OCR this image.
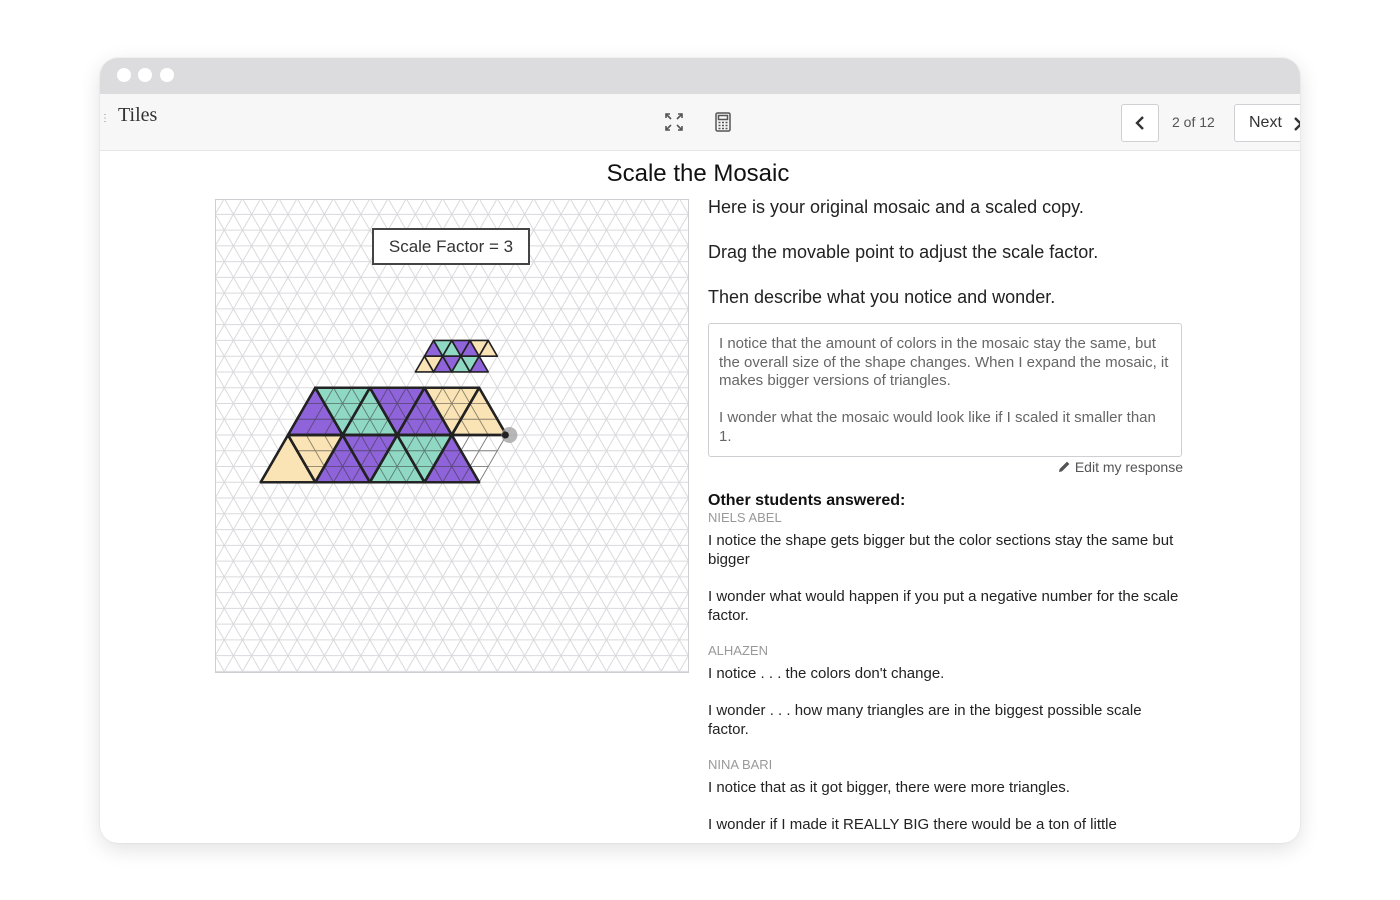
⋮ Tiles	2 of 12	Next
Scale the Mosaic
Scale Factor = 3

Here is your original mosaic and a scaled copy.

Drag the movable point to adjust the scale factor.

Then describe what you notice and wonder.

I notice that the amount of colors in the mosaic stay the same, but the overall size of the shape changes. When I expand the mosaic, it makes bigger versions of triangles.

I wonder what the mosaic would look like if I scaled it smaller than 1.

Edit my response
Other students answered:
NIELS ABEL
I notice the shape gets bigger but the color sections stay the same but bigger
I wonder what would happen if you put a negative number for the scale factor.
ALHAZEN
I notice . . . the colors don't change.
I wonder . . . how many triangles are in the biggest possible scale factor.
NINA BARI
I notice that as it got bigger, there were more triangles.
I wonder if I made it REALLY BIG there would be a ton of little
